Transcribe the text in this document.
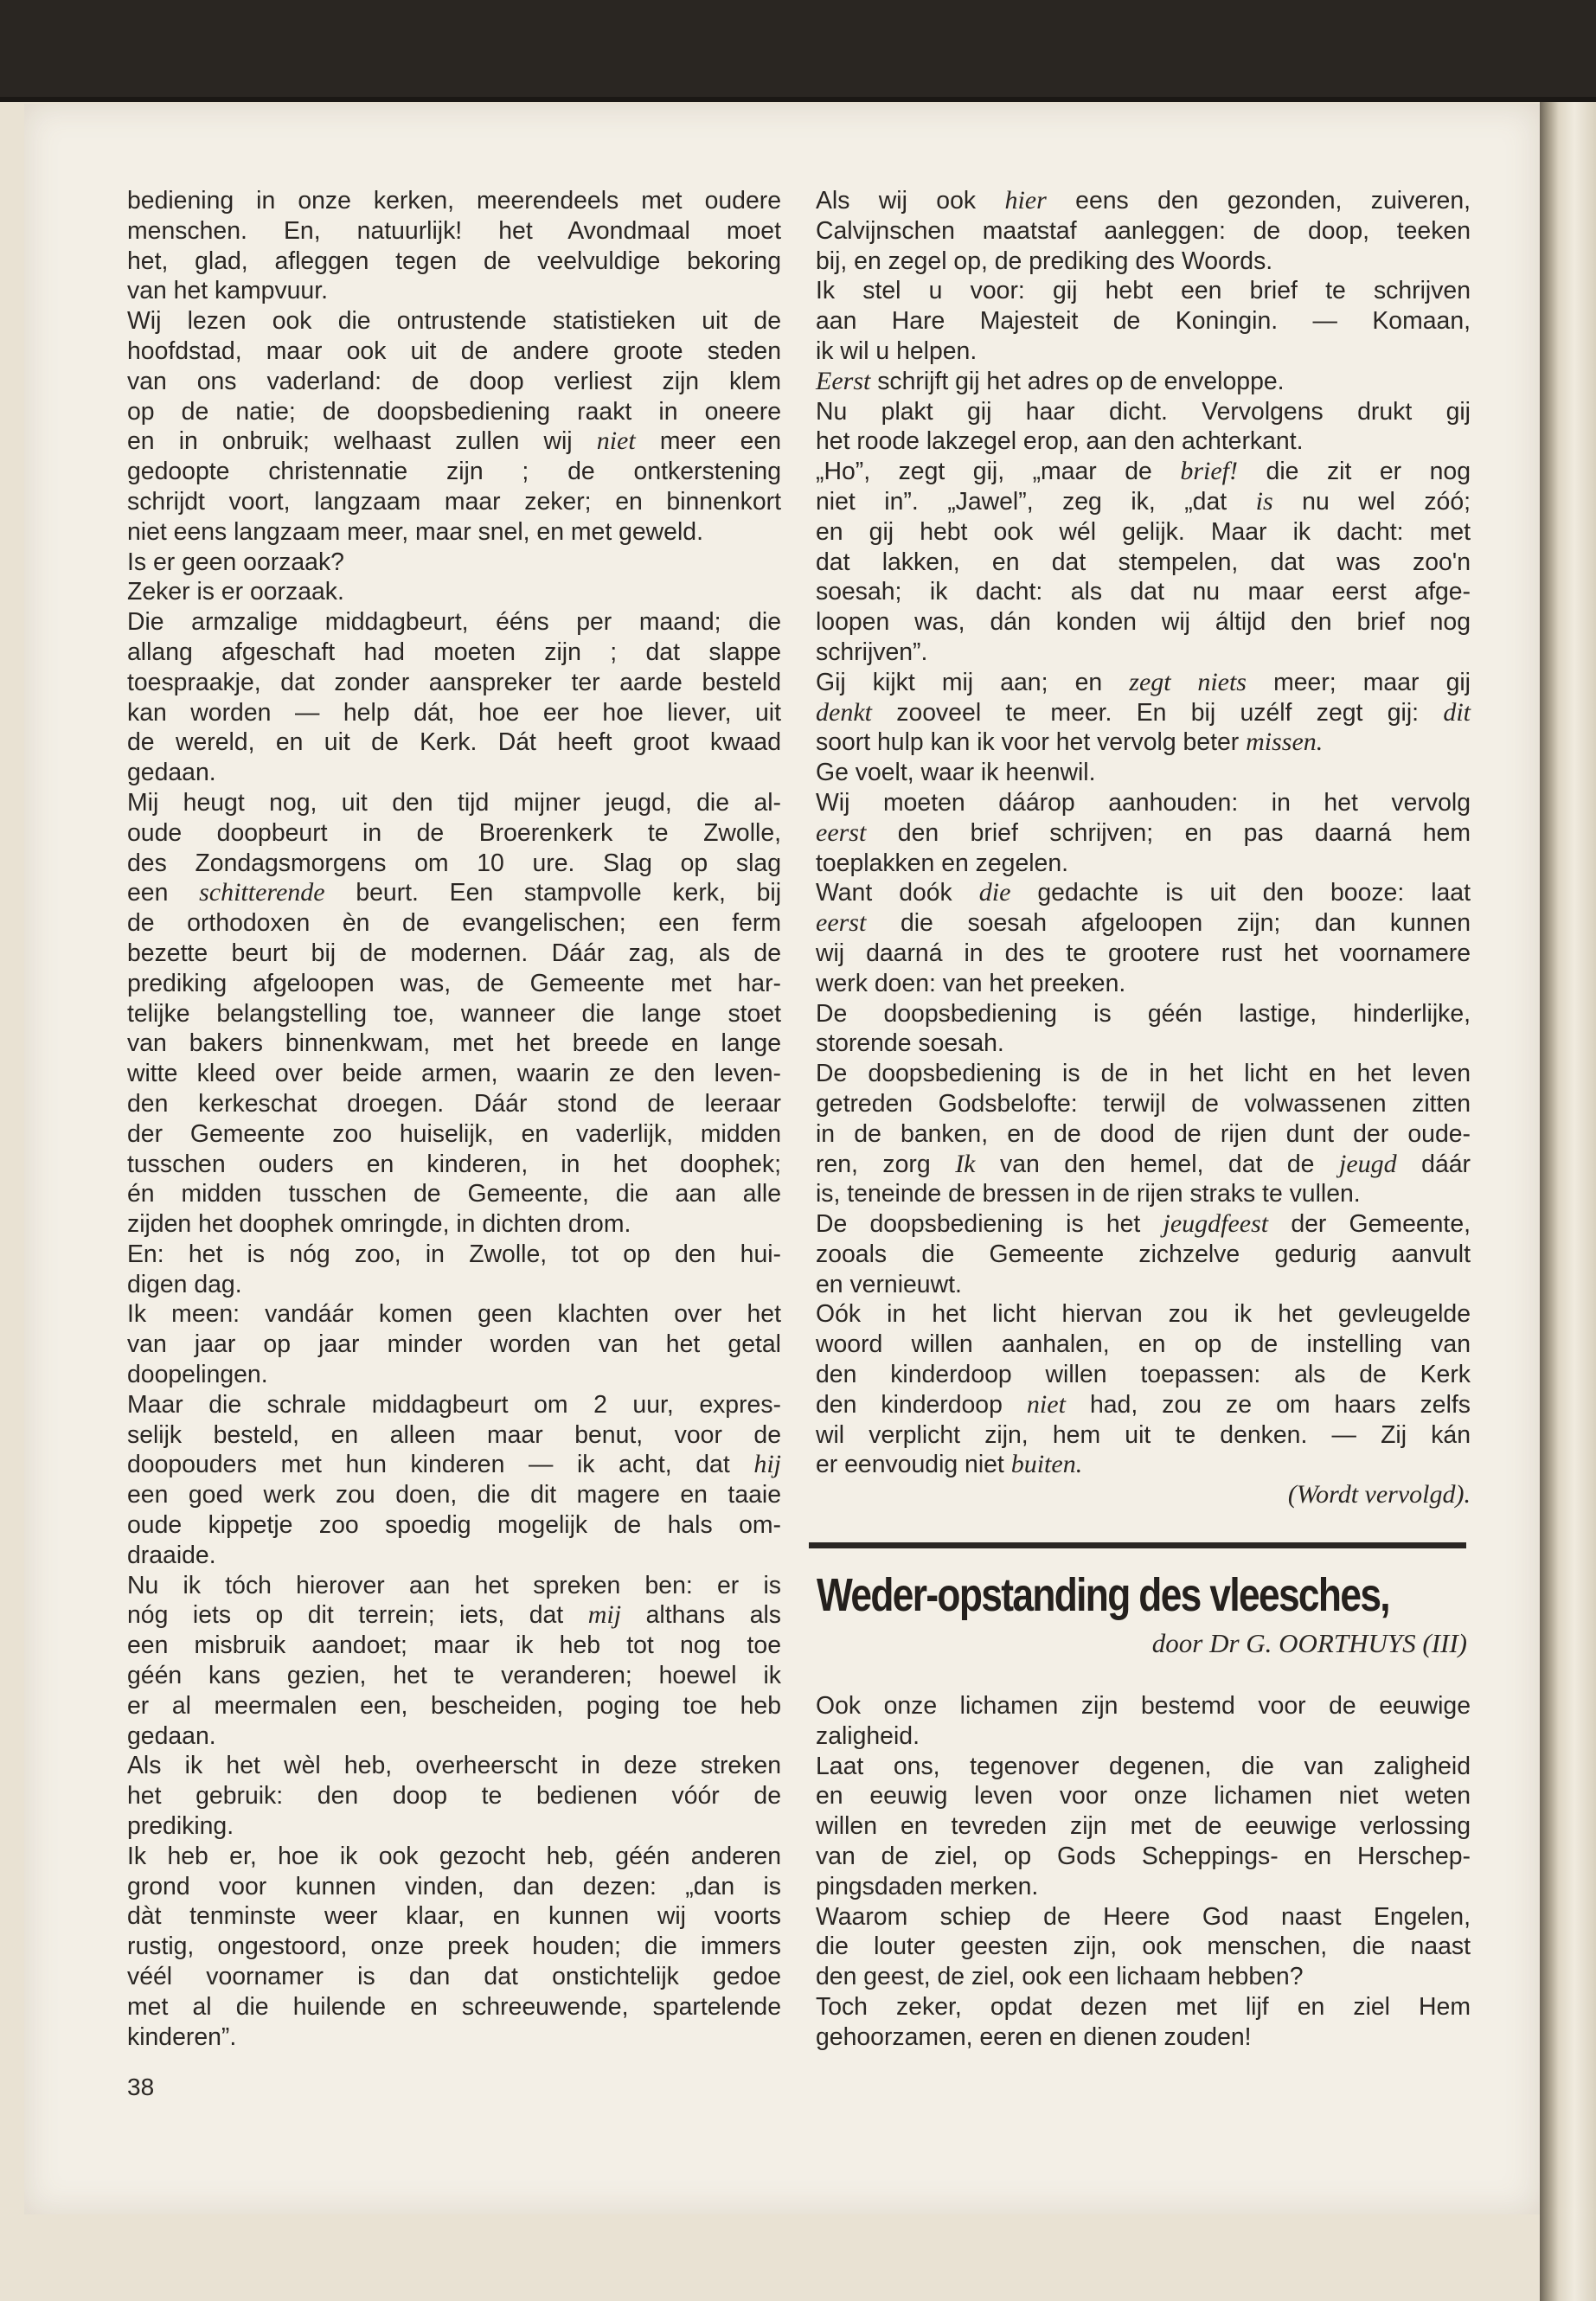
bediening in onze kerken, meerendeels met oudere
menschen. En, natuurlijk! het Avondmaal moet
het, glad, afleggen tegen de veelvuldige bekoring
van het kampvuur.
Wij lezen ook die ontrustende statistieken uit de
hoofdstad, maar ook uit de andere groote steden
van ons vaderland: de doop verliest zijn klem
op de natie; de doopsbediening raakt in oneere
en in onbruik; welhaast zullen wij niet meer een
gedoopte christennatie zijn ; de ontkerstening
schrijdt voort, langzaam maar zeker; en binnenkort
niet eens langzaam meer, maar snel, en met geweld.
Is er geen oorzaak?
Zeker is er oorzaak.
Die armzalige middagbeurt, ééns per maand; die
allang afgeschaft had moeten zijn ; dat slappe
toespraakje, dat zonder aanspreker ter aarde besteld
kan worden — help dát, hoe eer hoe liever, uit
de wereld, en uit de Kerk. Dát heeft groot kwaad
gedaan.
Mij heugt nog, uit den tijd mijner jeugd, die al-
oude doopbeurt in de Broerenkerk te Zwolle,
des Zondagsmorgens om 10 ure. Slag op slag
een schitterende beurt. Een stampvolle kerk, bij
de orthodoxen èn de evangelischen; een ferm
bezette beurt bij de modernen. Dáár zag, als de
prediking afgeloopen was, de Gemeente met har-
telijke belangstelling toe, wanneer die lange stoet
van bakers binnenkwam, met het breede en lange
witte kleed over beide armen, waarin ze den leven-
den kerkeschat droegen. Dáár stond de leeraar
der Gemeente zoo huiselijk, en vaderlijk, midden
tusschen ouders en kinderen, in het doophek;
én midden tusschen de Gemeente, die aan alle
zijden het doophek omringde, in dichten drom.
En: het is nóg zoo, in Zwolle, tot op den hui-
digen dag.
Ik meen: vandáár komen geen klachten over het
van jaar op jaar minder worden van het getal
doopelingen.
Maar die schrale middagbeurt om 2 uur, expres-
selijk besteld, en alleen maar benut, voor de
doopouders met hun kinderen — ik acht, dat hij
een goed werk zou doen, die dit magere en taaie
oude kippetje zoo spoedig mogelijk de hals om-
draaide.
Nu ik tóch hierover aan het spreken ben: er is
nóg iets op dit terrein; iets, dat mij althans als
een misbruik aandoet; maar ik heb tot nog toe
géén kans gezien, het te veranderen; hoewel ik
er al meermalen een, bescheiden, poging toe heb
gedaan.
Als ik het wèl heb, overheerscht in deze streken
het gebruik: den doop te bedienen vóór de
prediking.
Ik heb er, hoe ik ook gezocht heb, géén anderen
grond voor kunnen vinden, dan dezen: „dan is
dàt tenminste weer klaar, en kunnen wij voorts
rustig, ongestoord, onze preek houden; die immers
véél voornamer is dan dat onstichtelijk gedoe
met al die huilende en schreeuwende, spartelende
kinderen”.
38
Als wij ook hier eens den gezonden, zuiveren,
Calvijnschen maatstaf aanleggen: de doop, teeken
bij, en zegel op, de prediking des Woords.
Ik stel u voor: gij hebt een brief te schrijven
aan Hare Majesteit de Koningin. — Komaan,
ik wil u helpen.
Eerst schrijft gij het adres op de enveloppe.
Nu plakt gij haar dicht. Vervolgens drukt gij
het roode lakzegel erop, aan den achterkant.
„Ho”, zegt gij, „maar de brief! die zit er nog
niet in”. „Jawel”, zeg ik, „dat is nu wel zóó;
en gij hebt ook wél gelijk. Maar ik dacht: met
dat lakken, en dat stempelen, dat was zoo'n
soesah; ik dacht: als dat nu maar eerst afge-
loopen was, dán konden wij áltijd den brief nog
schrijven”.
Gij kijkt mij aan; en zegt niets meer; maar gij
denkt zooveel te meer. En bij uzélf zegt gij: dit
soort hulp kan ik voor het vervolg beter missen.
Ge voelt, waar ik heenwil.
Wij moeten dáárop aanhouden: in het vervolg
eerst den brief schrijven; en pas daarná hem
toeplakken en zegelen.
Want doók die gedachte is uit den booze: laat
eerst die soesah afgeloopen zijn; dan kunnen
wij daarná in des te grootere rust het voornamere
werk doen: van het preeken.
De doopsbediening is géén lastige, hinderlijke,
storende soesah.
De doopsbediening is de in het licht en het leven
getreden Godsbelofte: terwijl de volwassenen zitten
in de banken, en de dood de rijen dunt der oude-
ren, zorg Ik van den hemel, dat de jeugd dáár
is, teneinde de bressen in de rijen straks te vullen.
De doopsbediening is het jeugdfeest der Gemeente,
zooals die Gemeente zichzelve gedurig aanvult
en vernieuwt.
Oók in het licht hiervan zou ik het gevleugelde
woord willen aanhalen, en op de instelling van
den kinderdoop willen toepassen: als de Kerk
den kinderdoop niet had, zou ze om haars zelfs
wil verplicht zijn, hem uit te denken. — Zij kán
er eenvoudig niet buiten.
(Wordt vervolgd).
Weder-opstanding des vleesches,
door Dr G. OORTHUYS (III)
Ook onze lichamen zijn bestemd voor de eeuwige
zaligheid.
Laat ons, tegenover degenen, die van zaligheid
en eeuwig leven voor onze lichamen niet weten
willen en tevreden zijn met de eeuwige verlossing
van de ziel, op Gods Scheppings- en Herschep-
pingsdaden merken.
Waarom schiep de Heere God naast Engelen,
die louter geesten zijn, ook menschen, die naast
den geest, de ziel, ook een lichaam hebben?
Toch zeker, opdat dezen met lijf en ziel Hem
gehoorzamen, eeren en dienen zouden!
